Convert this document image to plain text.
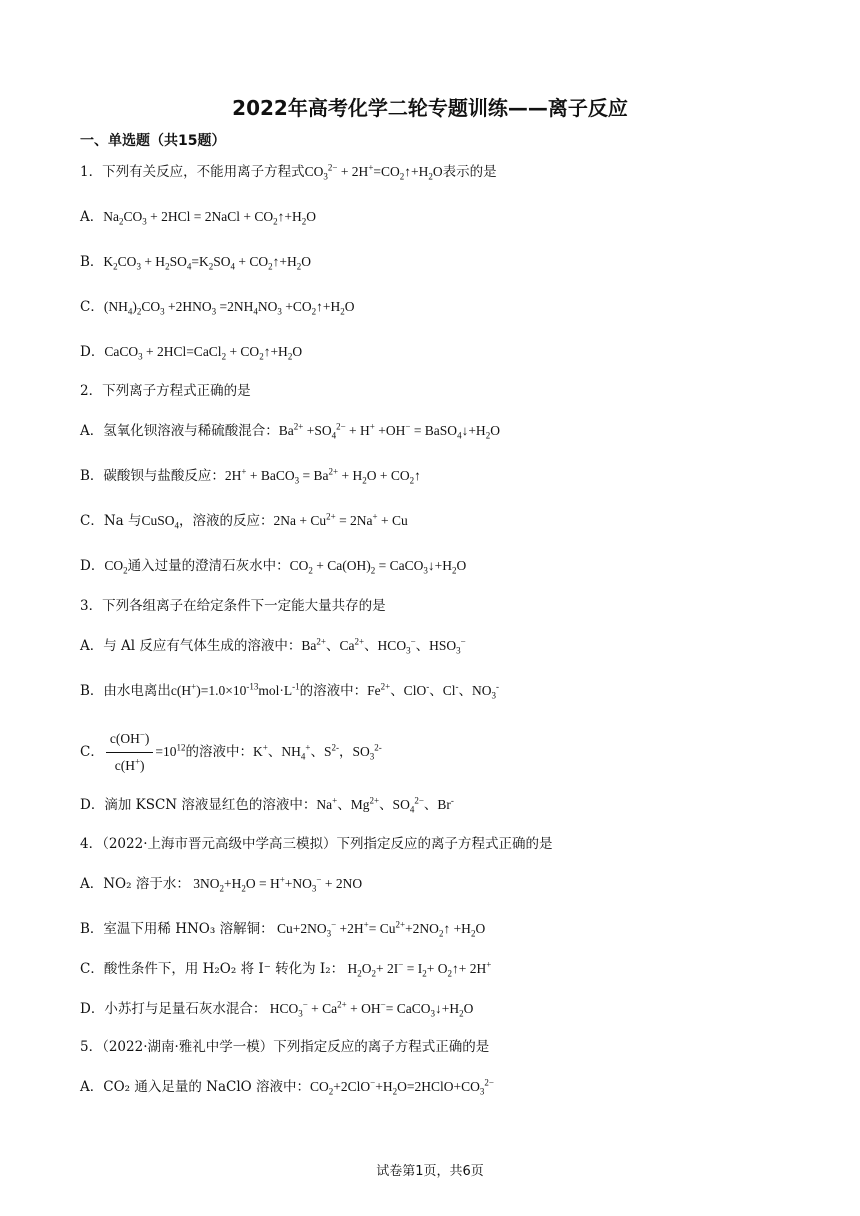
2022年高考化学二轮专题训练——离子反应
一、单选题（共15题）
1．下列有关反应，不能用离子方程式$CO_3^{2-}$ + $2H^+=CO_2↑+H_2O$表示的是
A．$Na_2CO_3 + 2HCl$ = 2NaCl + $CO_2↑+H_2O$
B．$K_2CO_3 + H_2SO_4=K_2SO_4$ + $CO_2↑+H_2O$
C．$(NH_4)_2CO_3 +2HNO_3 =2NH_4NO_3$ $+CO_2↑+H_2O$
D．CaCO$_3$ + 2HCl=CaCl$_2$ + $CO_2↑+H_2O$
2．下列离子方程式正确的是
A．氢氧化钡溶液与稀硫酸混合：$Ba^{2+} +SO_4^{2-} + H^+ +OH^-$ = $BaSO_4↓+H_2O$
B．碳酸钡与盐酸反应：2H+ + BaCO$_3$ = $Ba^{2+} + H_2O$ + $CO_2↑$
C．Na 与CuSO$_4$，溶液的反应：$2Na + Cu^{2+} = 2Na^+ + Cu$
D．$CO_2$通入过量的澄清石灰水中：$CO_2 + Ca(OH)_2$ = $CaCO_3↓+H_2O$
3．下列各组离子在给定条件下一定能大量共存的是
A．与 Al 反应有气体生成的溶液中：$Ba^{2+}$、$Ca^{2+}$、$HCO_3^-$、$HSO_3^-$
B．由水电离出$c(H^+)=1.0\times 10^{-13}mol\cdot L^{-1}$的溶液中：$Fe^{2+}$、ClO-、Cl-、$NO_3^-$
C． $\frac{c(OH^-)}{c(H^+)} =10^{12}$的溶液中：K+、$NH_4^+$、$S^{2-}$，$SO_3^{2-}$
D．滴加 KSCN 溶液显红色的溶液中：Na+、$Mg^{2+}$、$SO_4^{2-}$、Br-
4．（2022·上海市晋元高级中学高三模拟）下列指定反应的离子方程式正确的是
A．NO₂ 溶于水： $3NO_2+H_2O = H^++NO_3^- + 2NO$
B．室温下用稀 HNO₃ 溶解铜： $Cu+2NO_3^- +2H^+=$ $Cu^{2+}+2NO_2↑ +H_2O$
C．酸性条件下，用 H₂O₂ 将 I⁻ 转化为 I₂： $H_2O_2+ 2I^- = I_2+$ $O_2↑+ 2H^+$
D．小苏打与足量石灰水混合： $HCO_3^- + Ca^{2+} + OH^-=$ $CaCO_3↓+H_2O$
5．（2022·湖南·雅礼中学一模）下列指定反应的离子方程式正确的是
A．CO₂ 通入足量的 NaClO 溶液中：$CO_2+2ClO^-+H_2O=2HClO+CO_3^{2-}$
试卷第1页，共6页
